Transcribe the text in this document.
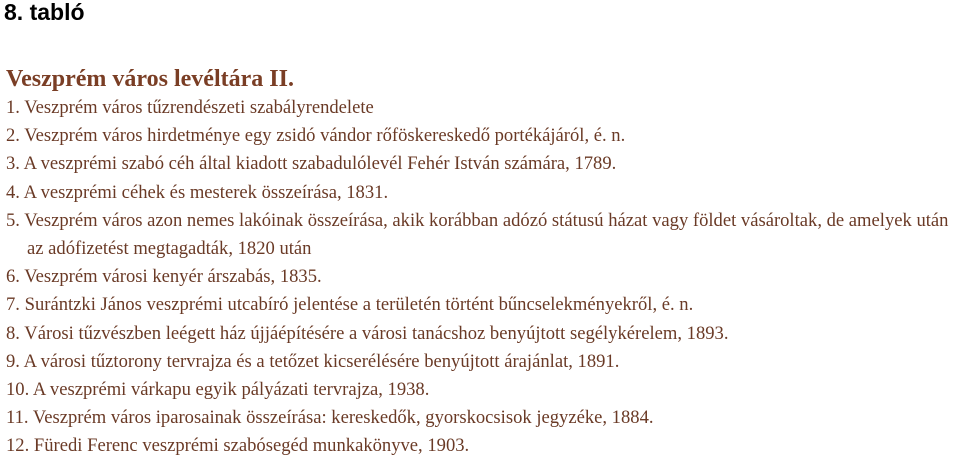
8. tabló
Veszprém város levéltára II.
1. Veszprém város tűzrendészeti szabályrendelete
2. Veszprém város hirdetménye egy zsidó vándor rőföskereskedő portékájáról, é. n.
3. A veszprémi szabó céh által kiadott szabadulólevél Fehér István számára, 1789.
4. A veszprémi céhek és mesterek összeírása, 1831.
5. Veszprém város azon nemes lakóinak összeírása, akik korábban adózó státusú házat vagy földet vásároltak, de amelyek után az adófizetést megtagadták, 1820 után
6. Veszprém városi kenyér árszabás, 1835.
7. Surántzki János veszprémi utcabíró jelentése a területén történt bűncselekményekről, é. n.
8. Városi tűzvészben leégett ház újjáépítésére a városi tanácshoz benyújtott segélykérelem, 1893.
9. A városi tűztorony tervrajza és a tetőzet kicserélésére benyújtott árajánlat, 1891.
10. A veszprémi várkapu egyik pályázati tervrajza, 1938.
11. Veszprém város iparosainak összeírása: kereskedők, gyorskocsisok jegyzéke, 1884.
12. Füredi Ferenc veszprémi szabósegéd munkakönyve, 1903.
